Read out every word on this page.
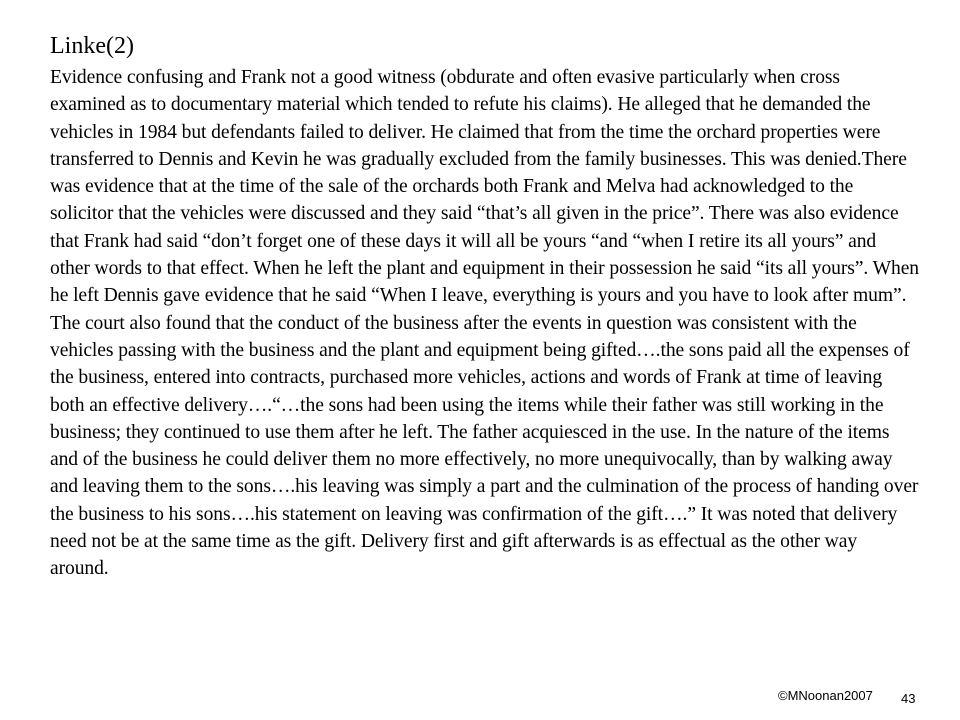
Linke(2)

Evidence confusing and Frank not a good witness (obdurate and often evasive particularly when cross examined as to documentary material which tended to refute his claims). He alleged that he demanded the vehicles in 1984 but defendants failed to deliver. He claimed that from the time the orchard properties were transferred to Dennis and Kevin he was gradually excluded from the family businesses. This was denied.There was evidence that at the time of the sale of the orchards both Frank and Melva had acknowledged to the solicitor that the vehicles were discussed and they said “that’s all given in the price”. There was also evidence that Frank had said “don’t forget one of these days it will all be yours “and “when I retire its all yours” and other words to that effect. When he left the plant and equipment in their possession he said “its all yours”. When he left Dennis gave evidence that he said “When I leave, everything is yours and you have to look after mum”. The court also found that the conduct of the business after the events in question was consistent with the vehicles passing with the business and the plant and equipment being gifted….the sons paid all the expenses of the business, entered into contracts, purchased more vehicles, actions and words of Frank at time of leaving both an effective delivery….“…the sons had been using the items while their father was still working in the business; they continued to use them after he left. The father acquiesced in the use. In the nature of the items and of the business he could deliver them no more effectively, no more unequivocally, than by walking away and leaving them to the sons….his leaving was simply a part and the culmination of the process of handing over the business to his sons….his statement on leaving was confirmation of the gift….” It was noted that delivery need not be at the same time as the gift. Delivery first and gift afterwards is as effectual as the other way around.

©MNoonan2007 43
